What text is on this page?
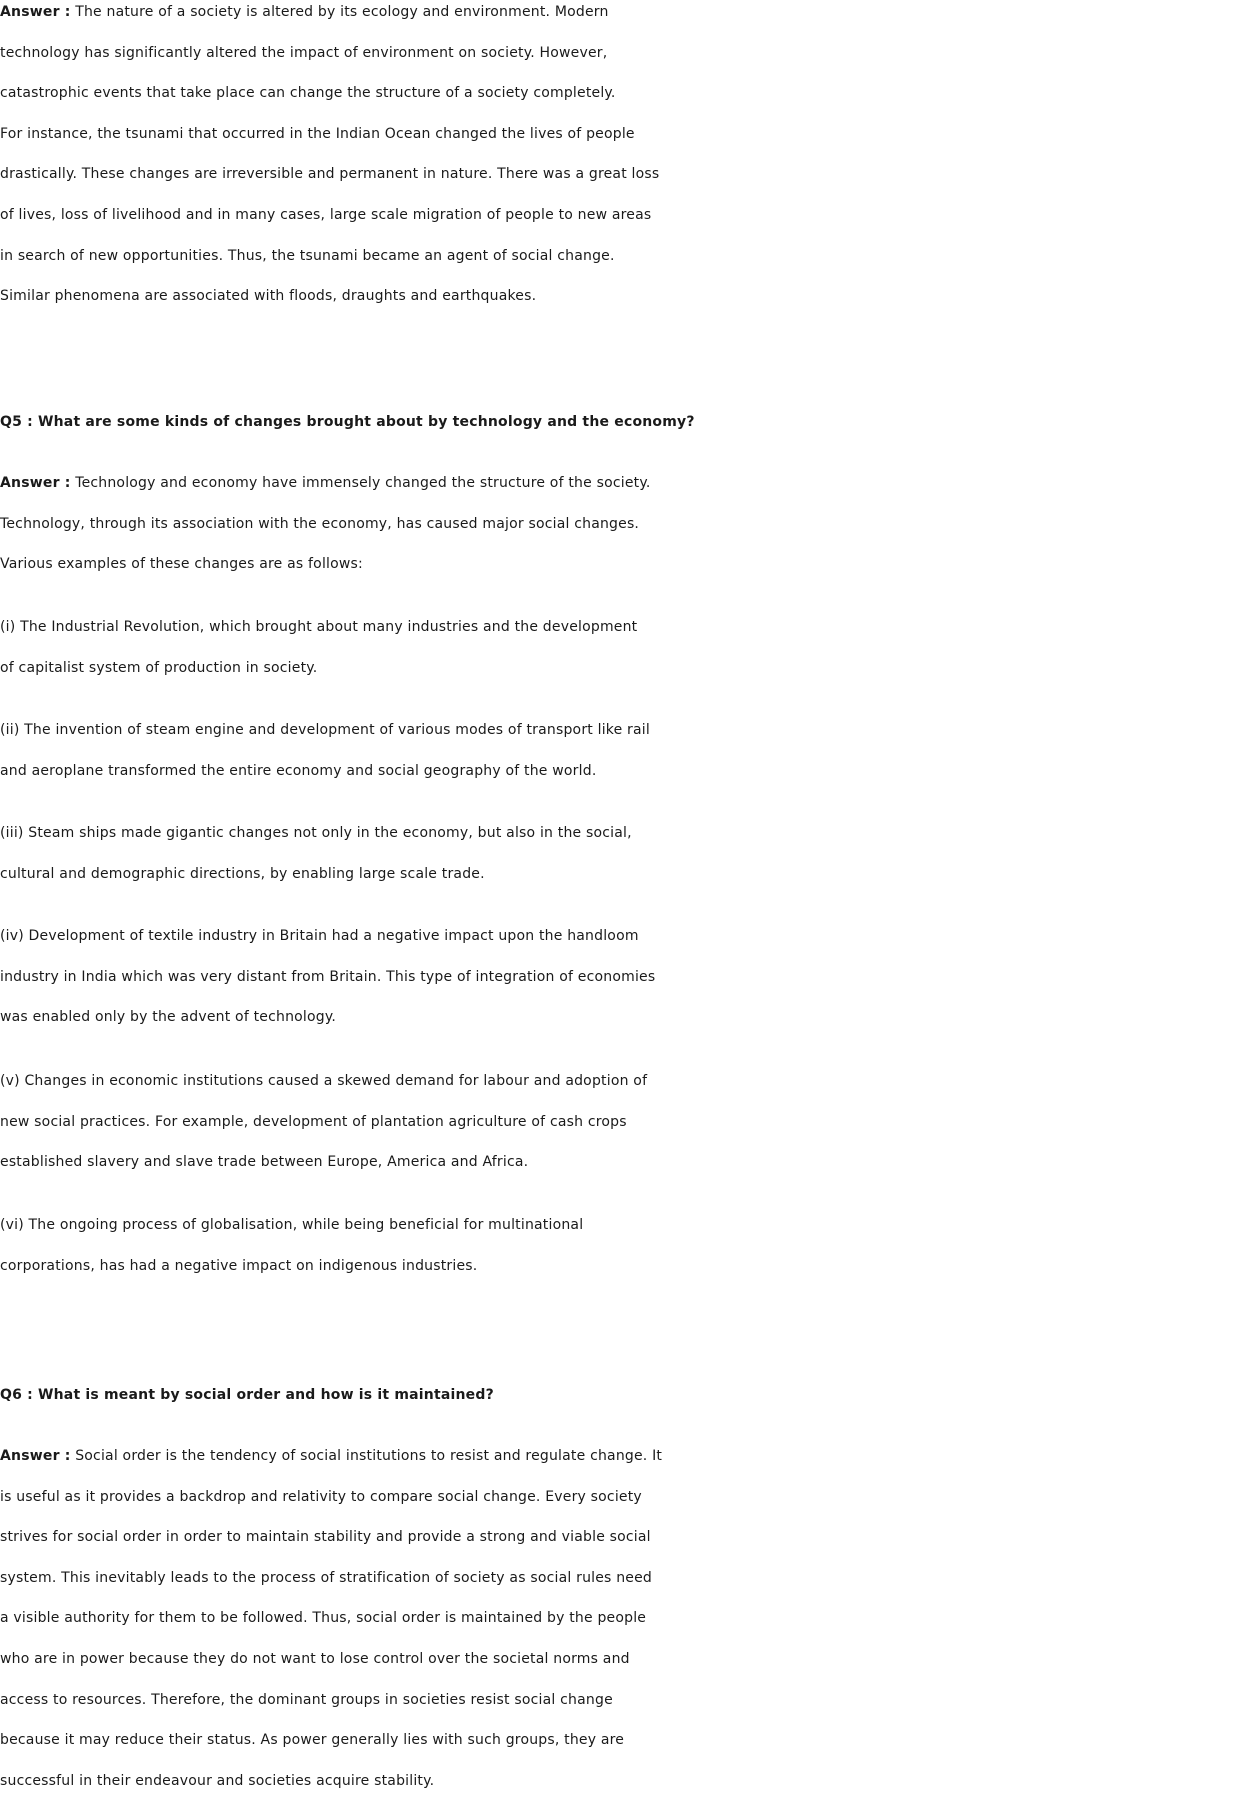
Answer : The nature of a society is altered by its ecology and environment. Modern
technology has significantly altered the impact of environment on society. However,
catastrophic events that take place can change the structure of a society completely.
For instance, the tsunami that occurred in the Indian Ocean changed the lives of people
drastically. These changes are irreversible and permanent in nature. There was a great loss
of lives, loss of livelihood and in many cases, large scale migration of people to new areas
in search of new opportunities. Thus, the tsunami became an agent of social change.
Similar phenomena are associated with floods, draughts and earthquakes.
Q5 : What are some kinds of changes brought about by technology and the economy?
Answer : Technology and economy have immensely changed the structure of the society.
Technology, through its association with the economy, has caused major social changes.
Various examples of these changes are as follows:
(i) The Industrial Revolution, which brought about many industries and the development
of capitalist system of production in society.
(ii) The invention of steam engine and development of various modes of transport like rail
and aeroplane transformed the entire economy and social geography of the world.
(iii) Steam ships made gigantic changes not only in the economy, but also in the social,
cultural and demographic directions, by enabling large scale trade.
(iv) Development of textile industry in Britain had a negative impact upon the handloom
industry in India which was very distant from Britain. This type of integration of economies
was enabled only by the advent of technology.
(v) Changes in economic institutions caused a skewed demand for labour and adoption of
new social practices. For example, development of plantation agriculture of cash crops
established slavery and slave trade between Europe, America and Africa.
(vi) The ongoing process of globalisation, while being beneficial for multinational
corporations, has had a negative impact on indigenous industries.
Q6 : What is meant by social order and how is it maintained?
Answer : Social order is the tendency of social institutions to resist and regulate change. It
is useful as it provides a backdrop and relativity to compare social change. Every society
strives for social order in order to maintain stability and provide a strong and viable social
system. This inevitably leads to the process of stratification of society as social rules need
a visible authority for them to be followed. Thus, social order is maintained by the people
who are in power because they do not want to lose control over the societal norms and
access to resources. Therefore, the dominant groups in societies resist social change
because it may reduce their status. As power generally lies with such groups, they are
successful in their endeavour and societies acquire stability.
